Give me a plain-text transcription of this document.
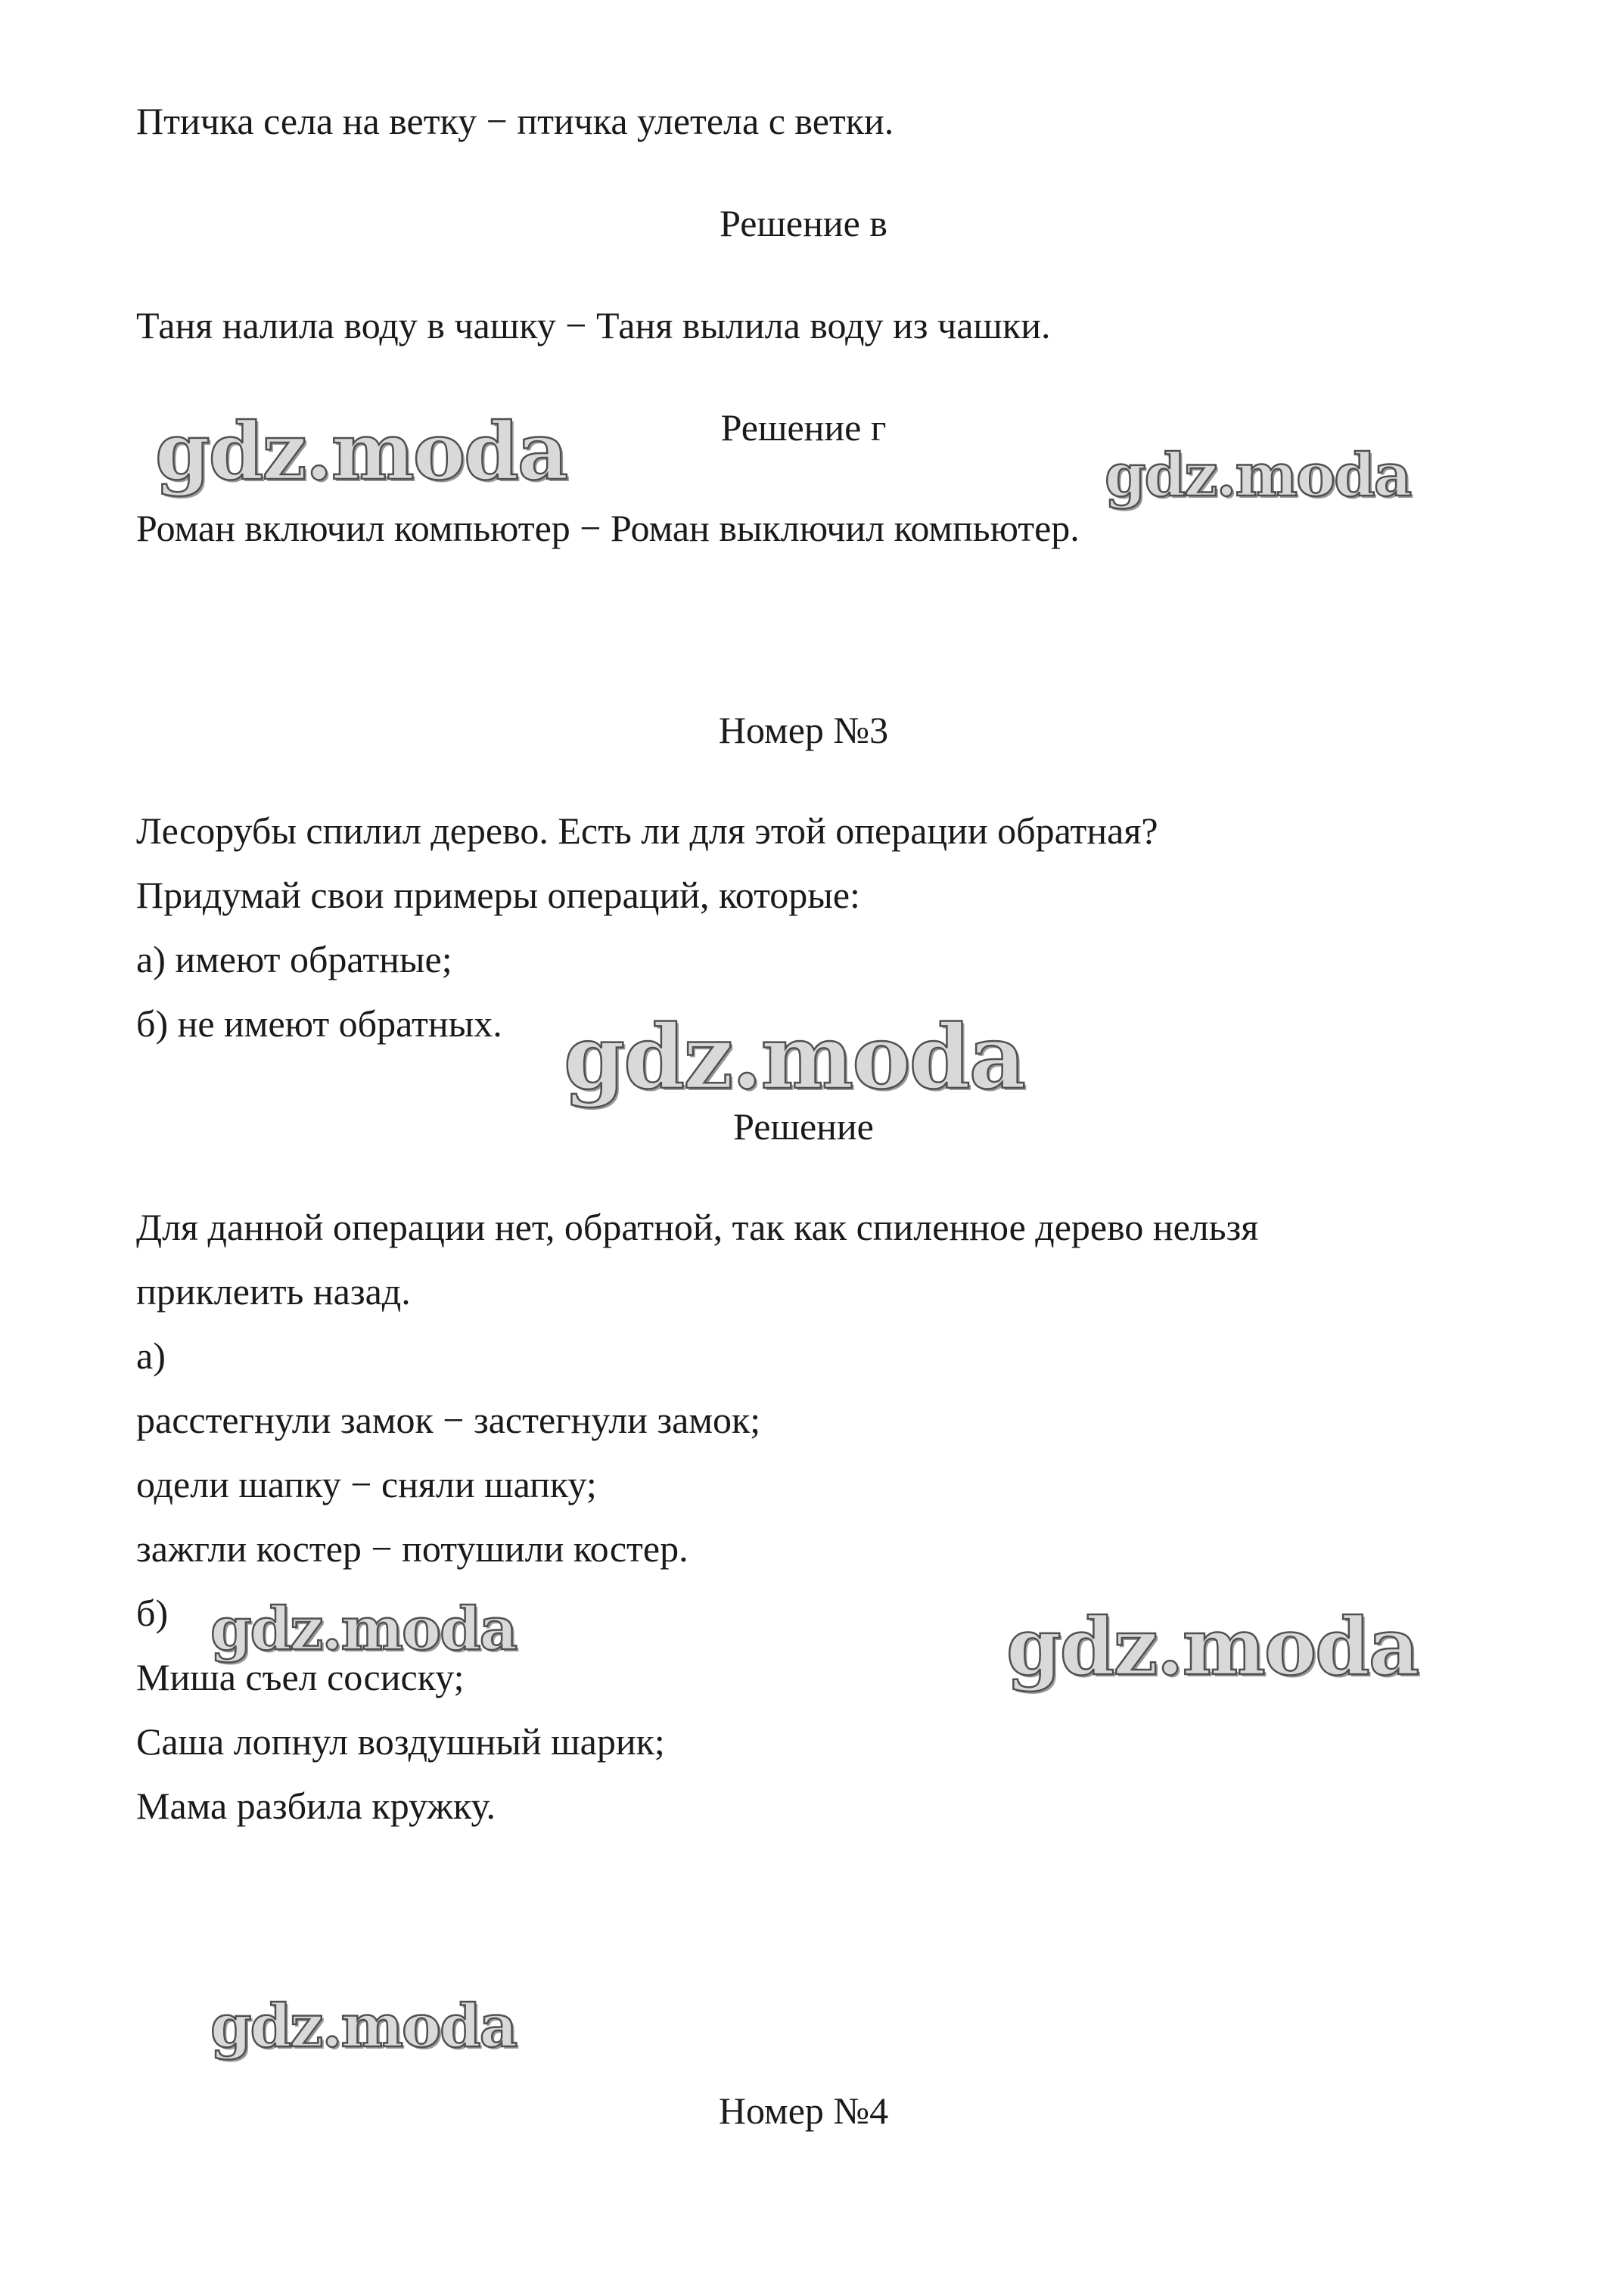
Птичка села на ветку − птичка улетела с ветки.
Решение в
Таня налила воду в чашку − Таня вылила воду из чашки.
Решение г
Роман включил компьютер − Роман выключил компьютер.
Номер №3
Лесорубы спилил дерево. Есть ли для этой операции обратная?
Придумай свои примеры операций, которые:
а) имеют обратные;
б) не имеют обратных.
Решение
Для данной операции нет, обратной, так как спиленное дерево нельзя
приклеить назад.
а)
расстегнули замок − застегнули замок;
одели шапку − сняли шапку;
зажгли костер − потушили костер.
б)
Миша съел сосиску;
Саша лопнул воздушный шарик;
Мама разбила кружку.
Номер №4
gdz.moda	gdz.moda
gdz.moda
gdz.moda	gdz.moda
gdz.moda
